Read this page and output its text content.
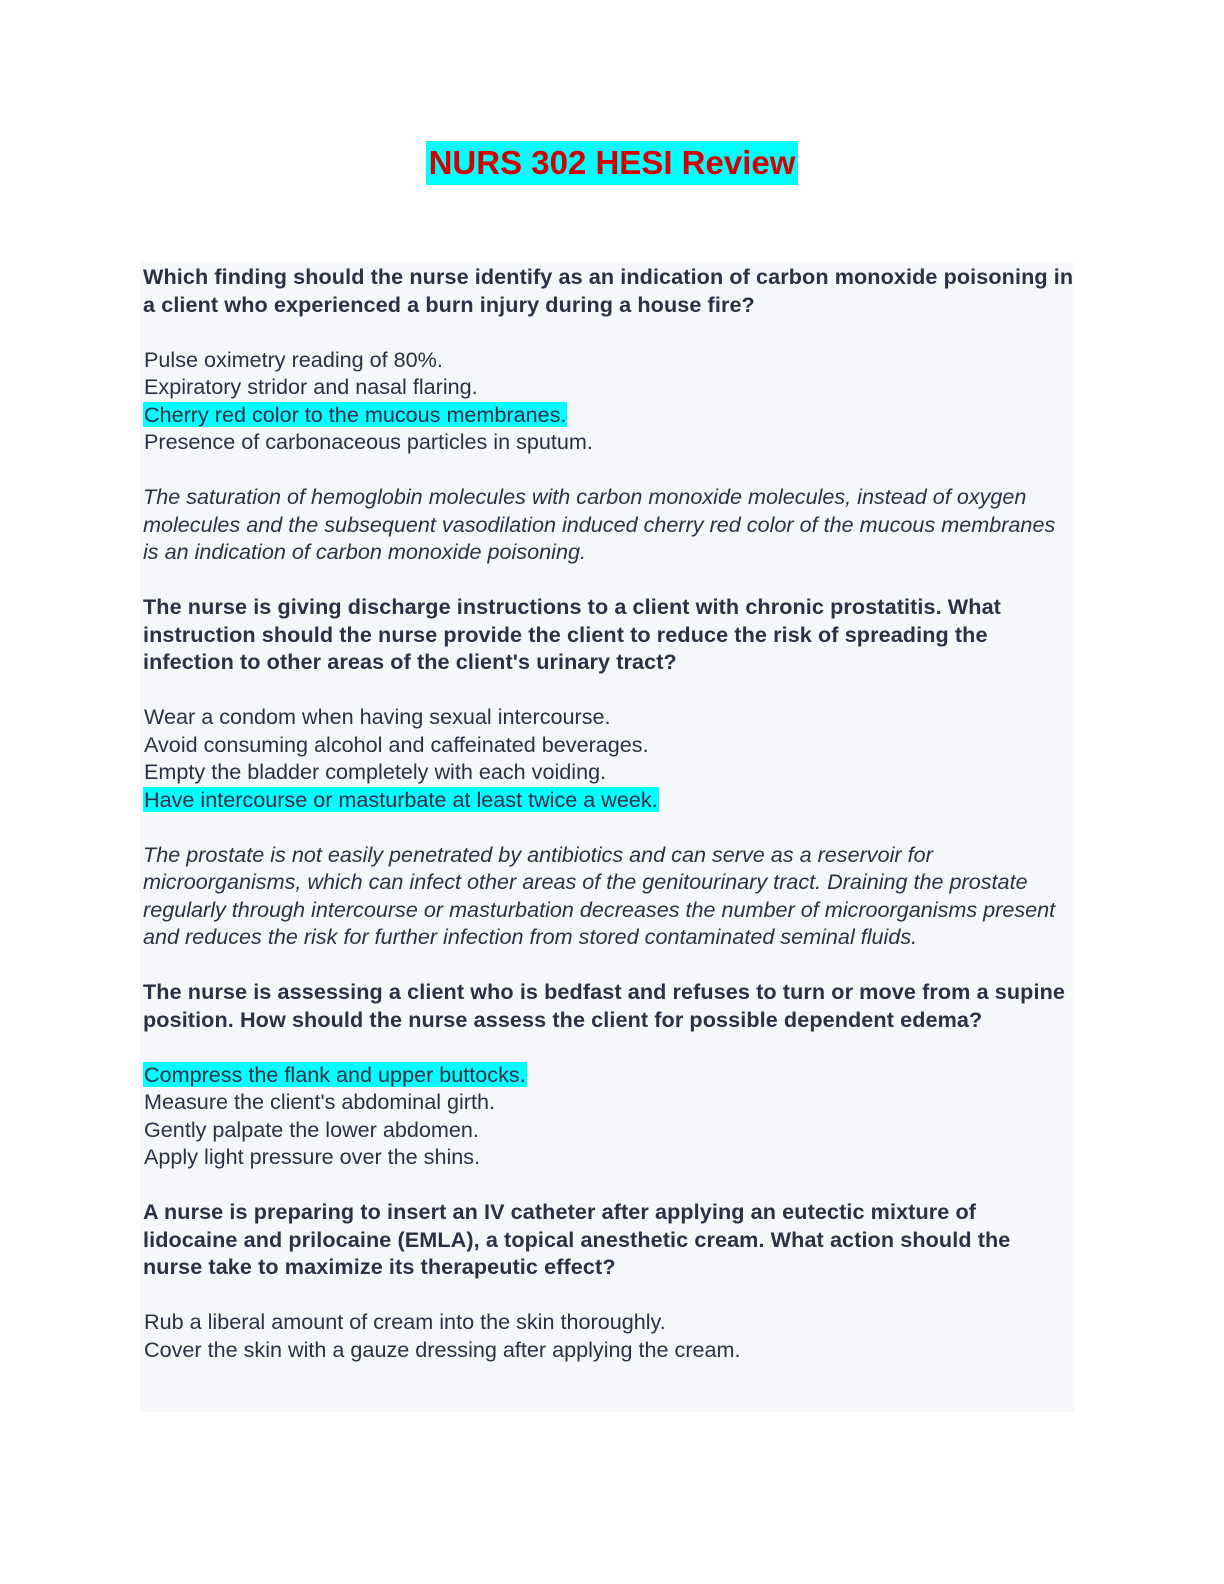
NURS 302 HESI Review
Which finding should the nurse identify as an indication of carbon monoxide poisoning in a client who experienced a burn injury during a house fire?
Pulse oximetry reading of 80%.
Expiratory stridor and nasal flaring.
Cherry red color to the mucous membranes.
Presence of carbonaceous particles in sputum.
The saturation of hemoglobin molecules with carbon monoxide molecules, instead of oxygen molecules and the subsequent vasodilation induced cherry red color of the mucous membranes is an indication of carbon monoxide poisoning.
The nurse is giving discharge instructions to a client with chronic prostatitis. What instruction should the nurse provide the client to reduce the risk of spreading the infection to other areas of the client's urinary tract?
Wear a condom when having sexual intercourse.
Avoid consuming alcohol and caffeinated beverages.
Empty the bladder completely with each voiding.
Have intercourse or masturbate at least twice a week.
The prostate is not easily penetrated by antibiotics and can serve as a reservoir for microorganisms, which can infect other areas of the genitourinary tract. Draining the prostate regularly through intercourse or masturbation decreases the number of microorganisms present and reduces the risk for further infection from stored contaminated seminal fluids.
The nurse is assessing a client who is bedfast and refuses to turn or move from a supine position. How should the nurse assess the client for possible dependent edema?
Compress the flank and upper buttocks.
Measure the client's abdominal girth.
Gently palpate the lower abdomen.
Apply light pressure over the shins.
A nurse is preparing to insert an IV catheter after applying an eutectic mixture of lidocaine and prilocaine (EMLA), a topical anesthetic cream. What action should the nurse take to maximize its therapeutic effect?
Rub a liberal amount of cream into the skin thoroughly.
Cover the skin with a gauze dressing after applying the cream.
